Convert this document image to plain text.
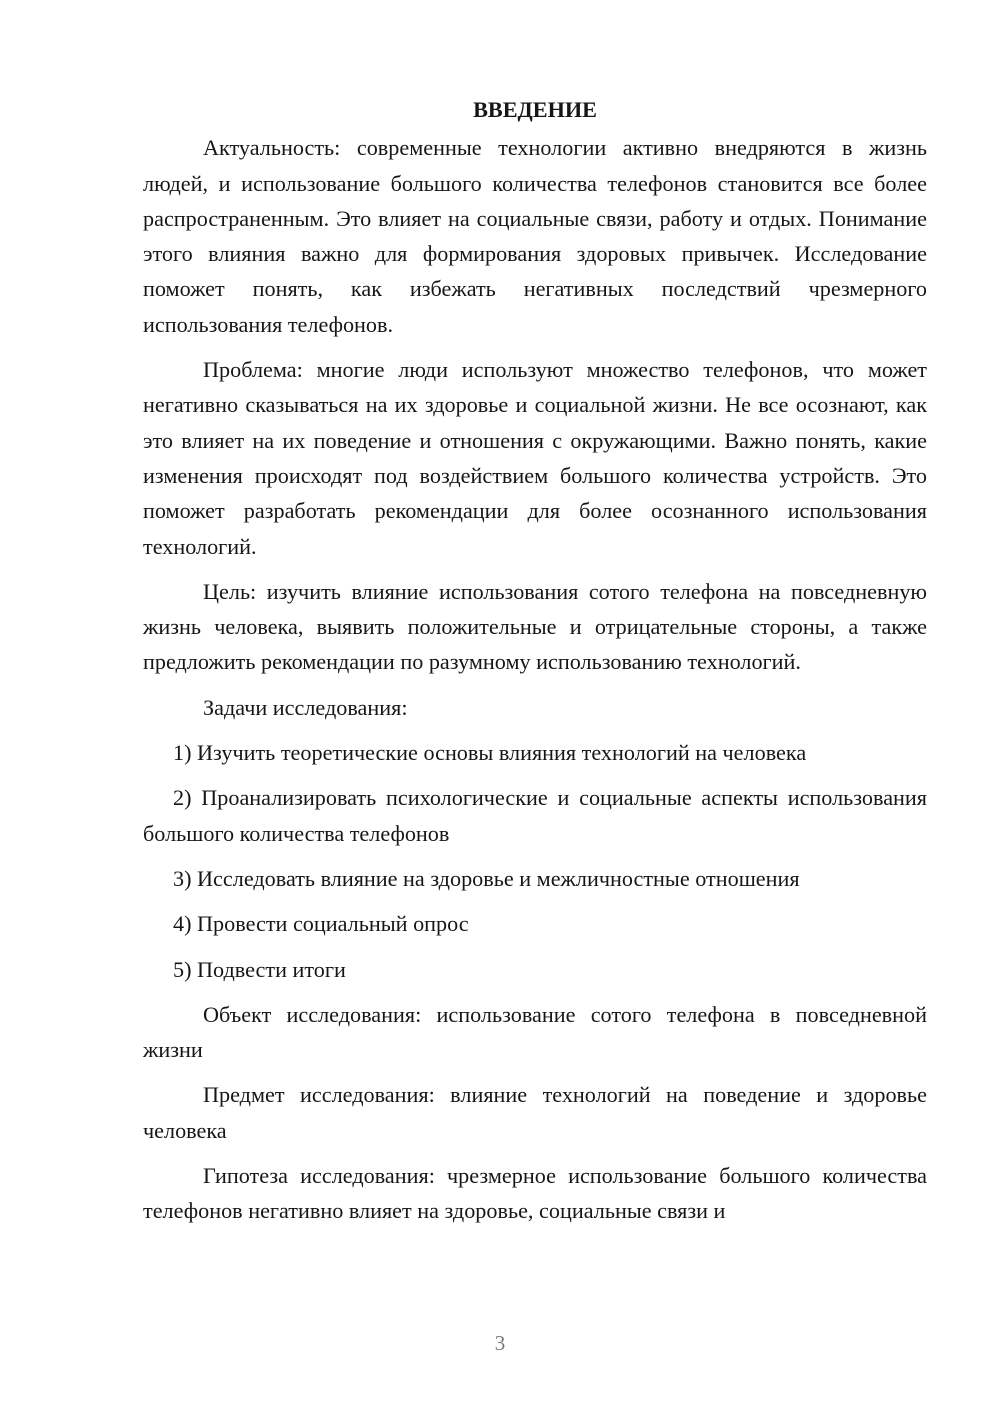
ВВЕДЕНИЕ

Актуальность: современные технологии активно внедряются в жизнь людей, и использование большого количества телефонов становится все более распространенным. Это влияет на социальные связи, работу и отдых. Понимание этого влияния важно для формирования здоровых привычек. Исследование поможет понять, как избежать негативных последствий чрезмерного использования телефонов.

Проблема: многие люди используют множество телефонов, что может негативно сказываться на их здоровье и социальной жизни. Не все осознают, как это влияет на их поведение и отношения с окружающими. Важно понять, какие изменения происходят под воздействием большого количества устройств. Это поможет разработать рекомендации для более осознанного использования технологий.

Цель: изучить влияние использования сотого телефона на повседневную жизнь человека, выявить положительные и отрицательные стороны, а также предложить рекомендации по разумному использованию технологий.

Задачи исследования:

1) Изучить теоретические основы влияния технологий на человека

2) Проанализировать психологические и социальные аспекты использования большого количества телефонов

3) Исследовать влияние на здоровье и межличностные отношения

4) Провести социальный опрос

5) Подвести итоги

Объект исследования: использование сотого телефона в повседневной жизни

Предмет исследования: влияние технологий на поведение и здоровье человека

Гипотеза исследования: чрезмерное использование большого количества телефонов негативно влияет на здоровье, социальные связи и

3
